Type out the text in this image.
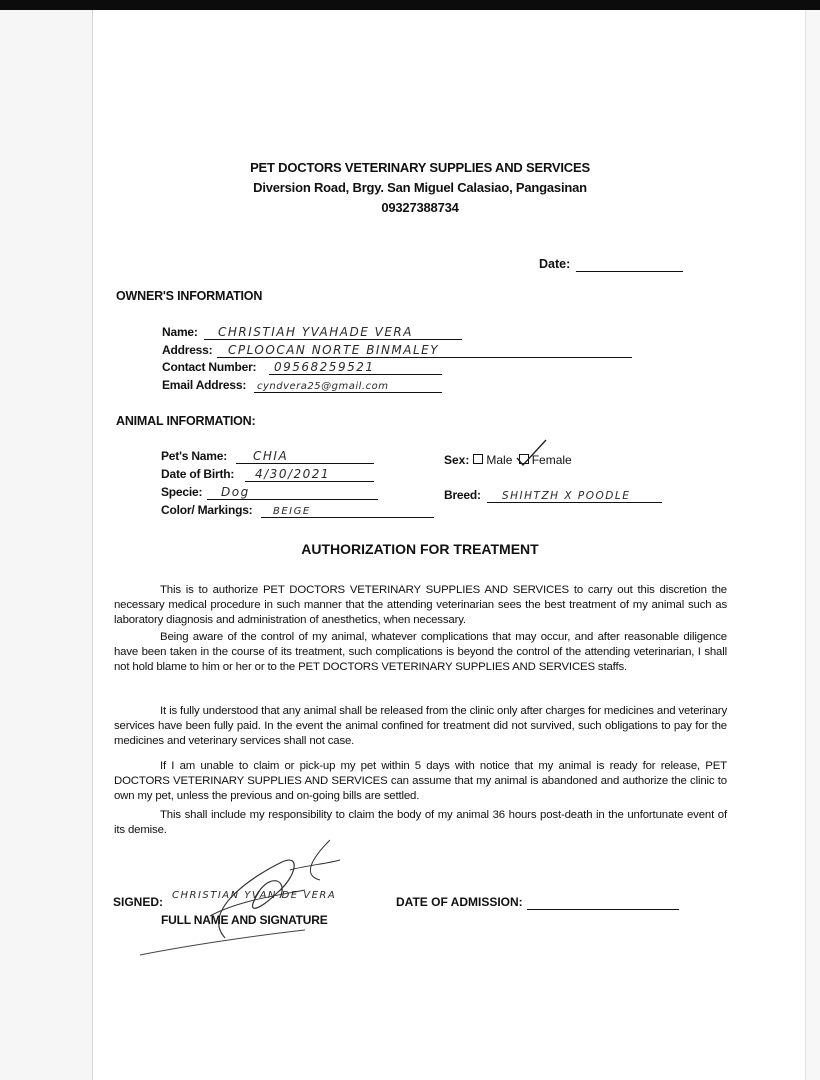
PET DOCTORS VETERINARY SUPPLIES AND SERVICES
Diversion Road, Brgy. San Miguel Calasiao, Pangasinan
09327388734
Date:
OWNER'S INFORMATION
Name: CHRISTIAH YVAHADE VERA
Address: CPLOOCAN NORTE BINMALEY
Contact Number: 09568259521
Email Address: cyndvera25@gmail.com
ANIMAL INFORMATION:
Pet's Name: CHIA
Date of Birth: 4/30/2021
Specie: Dog
Color/ Markings: BEIGE
Sex: Male Female
Breed: SHIHTZH X POODLE
AUTHORIZATION FOR TREATMENT
This is to authorize PET DOCTORS VETERINARY SUPPLIES AND SERVICES to carry out this discretion the necessary medical procedure in such manner that the attending veterinarian sees the best treatment of my animal such as laboratory diagnosis and administration of anesthetics, when necessary.
Being aware of the control of my animal, whatever complications that may occur, and after reasonable diligence have been taken in the course of its treatment, such complications is beyond the control of the attending veterinarian, I shall not hold blame to him or her or to the PET DOCTORS VETERINARY SUPPLIES AND SERVICES staffs.
It is fully understood that any animal shall be released from the clinic only after charges for medicines and veterinary services have been fully paid. In the event the animal confined for treatment did not survived, such obligations to pay for the medicines and veterinary services shall not case.
If I am unable to claim or pick-up my pet within 5 days with notice that my animal is ready for release, PET DOCTORS VETERINARY SUPPLIES AND SERVICES can assume that my animal is abandoned and authorize the clinic to own my pet, unless the previous and on-going bills are settled.
This shall include my responsibility to claim the body of my animal 36 hours post-death in the unfortunate event of its demise.
SIGNED: CHRISTIAN YVAN DE VERA
FULL NAME AND SIGNATURE
DATE OF ADMISSION:
